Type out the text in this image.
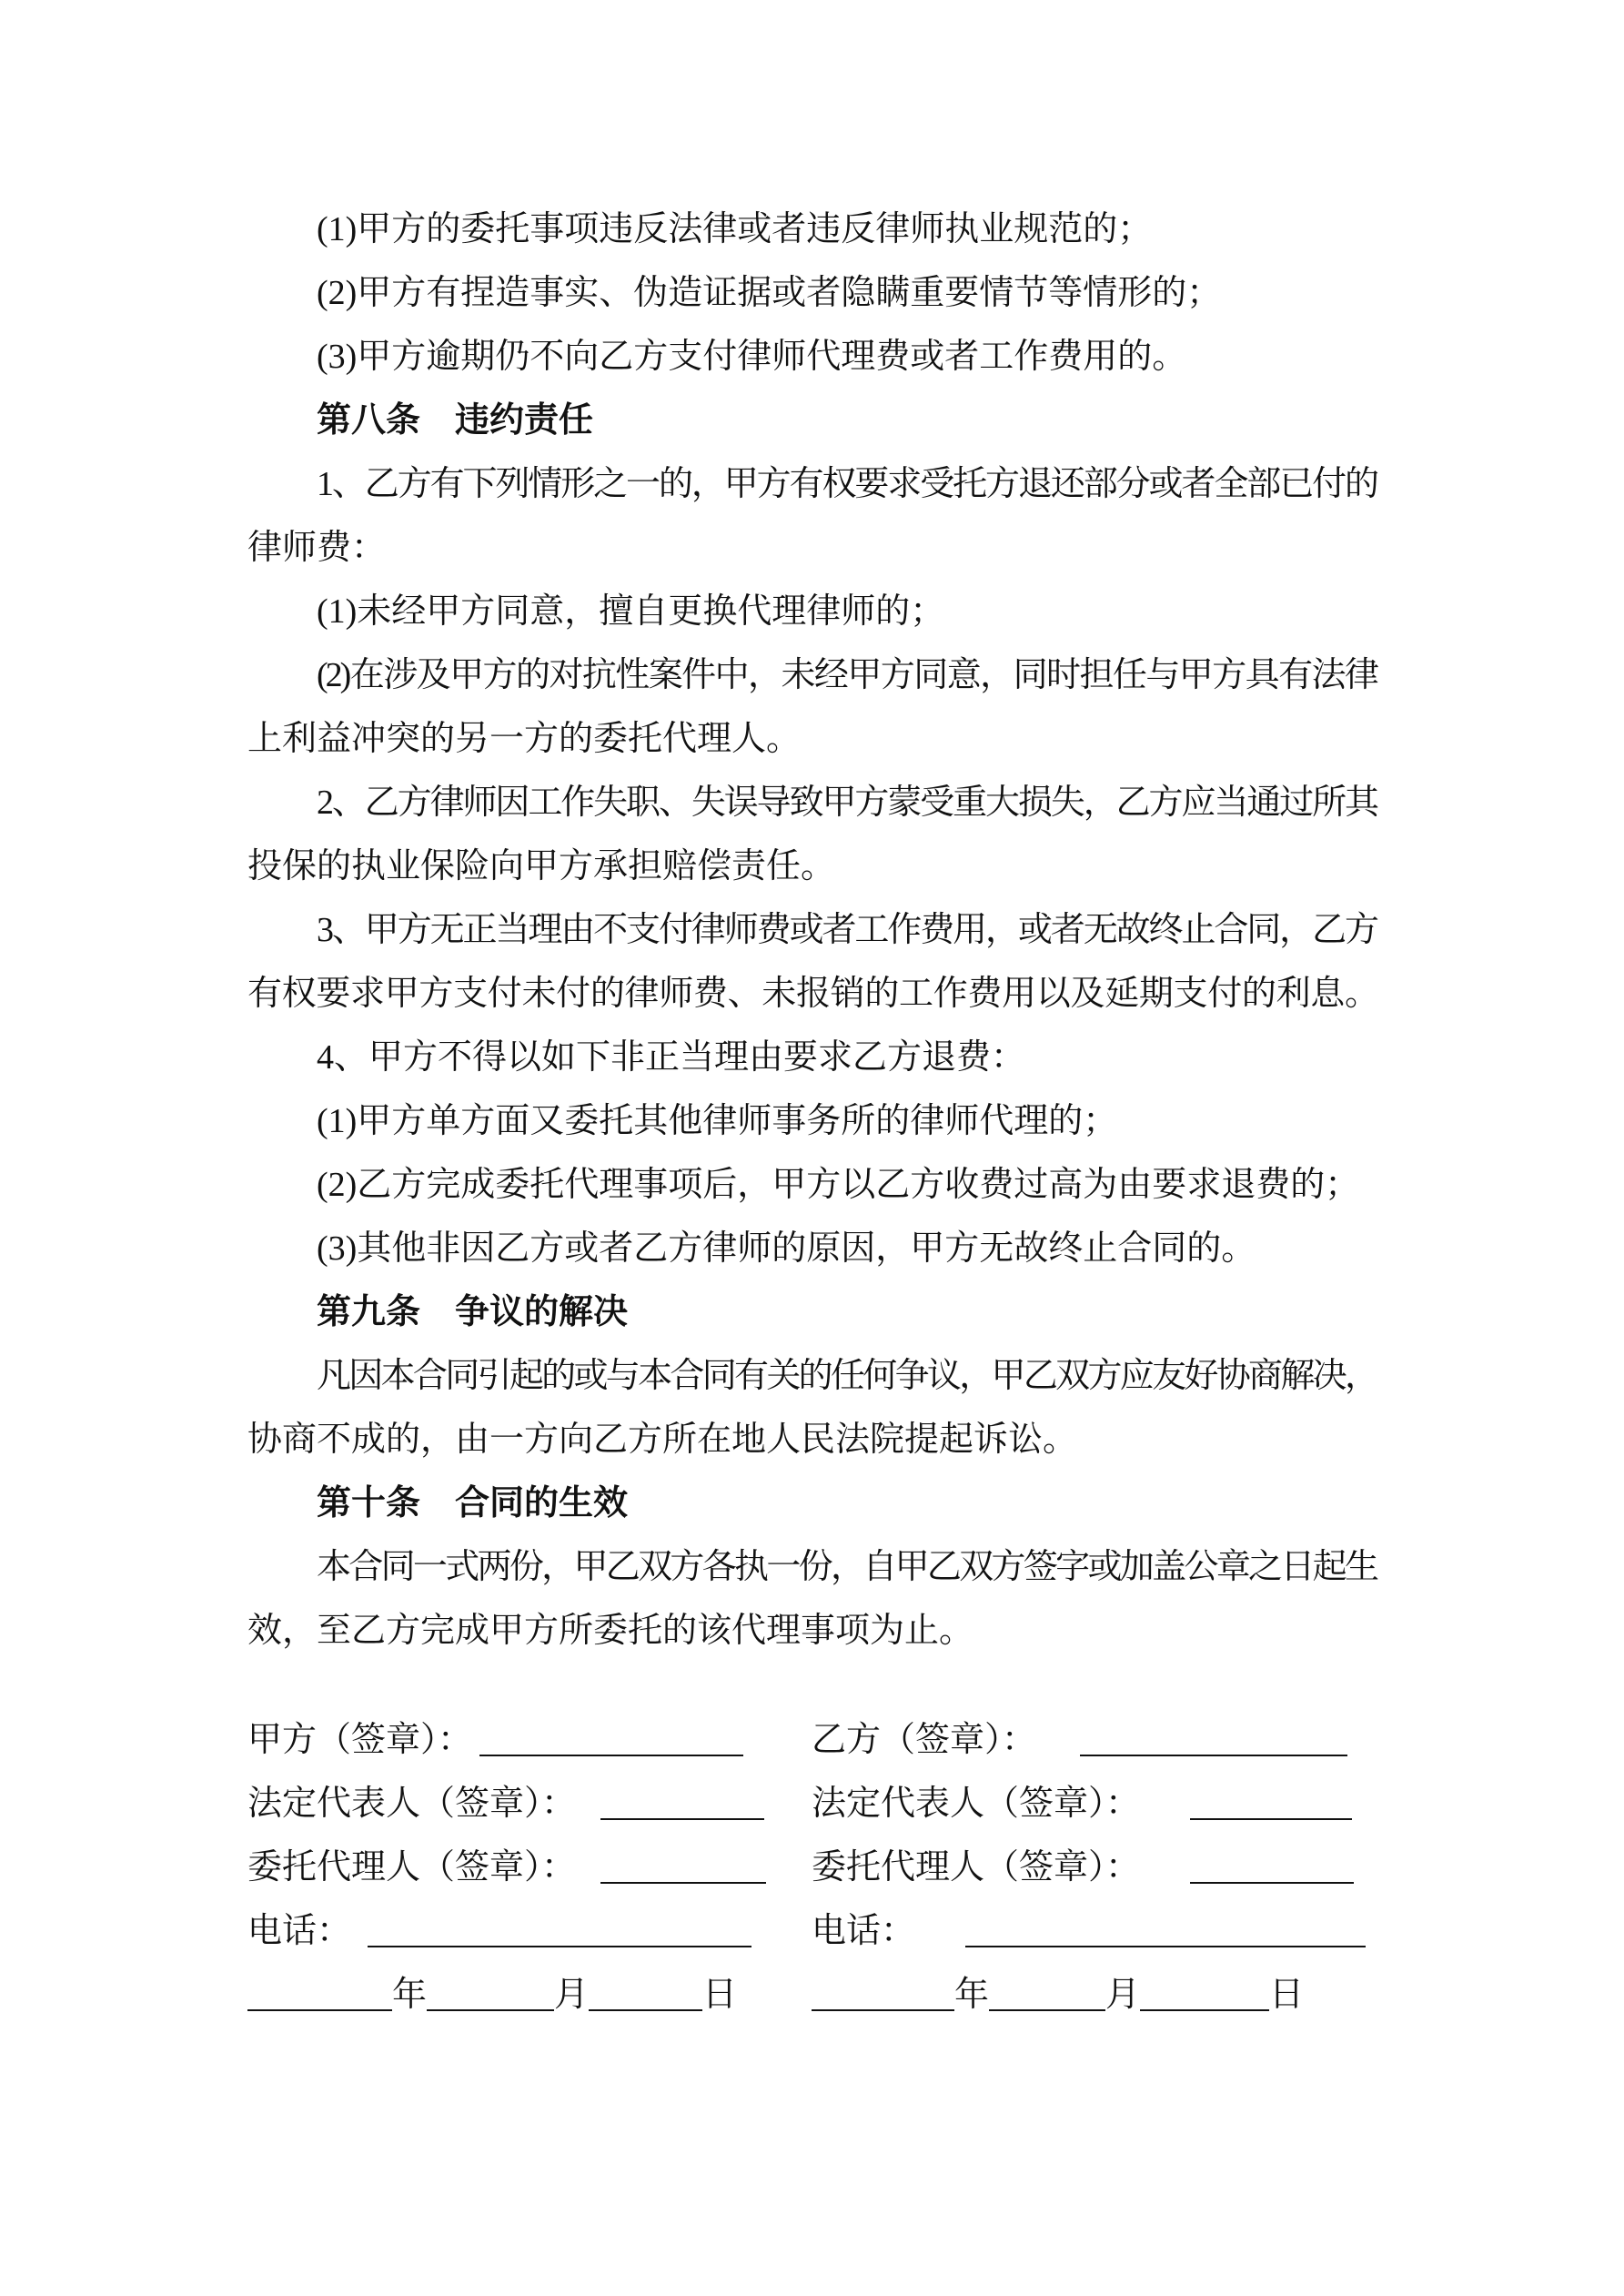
(1)甲方的委托事项违反法律或者违反律师执业规范的；
(2)甲方有捏造事实、伪造证据或者隐瞒重要情节等情形的；
(3)甲方逾期仍不向乙方支付律师代理费或者工作费用的。
第八条　违约责任
1、乙方有下列情形之一的，甲方有权要求受托方退还部分或者全部已付的
律师费：
(1)未经甲方同意，擅自更换代理律师的；
(2)在涉及甲方的对抗性案件中，未经甲方同意，同时担任与甲方具有法律
上利益冲突的另一方的委托代理人。
2、乙方律师因工作失职、失误导致甲方蒙受重大损失，乙方应当通过所其
投保的执业保险向甲方承担赔偿责任。
3、甲方无正当理由不支付律师费或者工作费用，或者无故终止合同，乙方
有权要求甲方支付未付的律师费、未报销的工作费用以及延期支付的利息。
4、甲方不得以如下非正当理由要求乙方退费：
(1)甲方单方面又委托其他律师事务所的律师代理的；
(2)乙方完成委托代理事项后，甲方以乙方收费过高为由要求退费的；
(3)其他非因乙方或者乙方律师的原因，甲方无故终止合同的。
第九条　争议的解决
凡因本合同引起的或与本合同有关的任何争议，甲乙双方应友好协商解决，
协商不成的，由一方向乙方所在地人民法院提起诉讼。
第十条　合同的生效
本合同一式两份，甲乙双方各执一份，自甲乙双方签字或加盖公章之日起生
效，至乙方完成甲方所委托的该代理事项为止。
甲方（签章）：	乙方（签章）：
法定代表人（签章）：	法定代表人（签章）：
委托代理人（签章）：	委托代理人（签章）：
电话：	电话：
年	月	日	年	月	日
